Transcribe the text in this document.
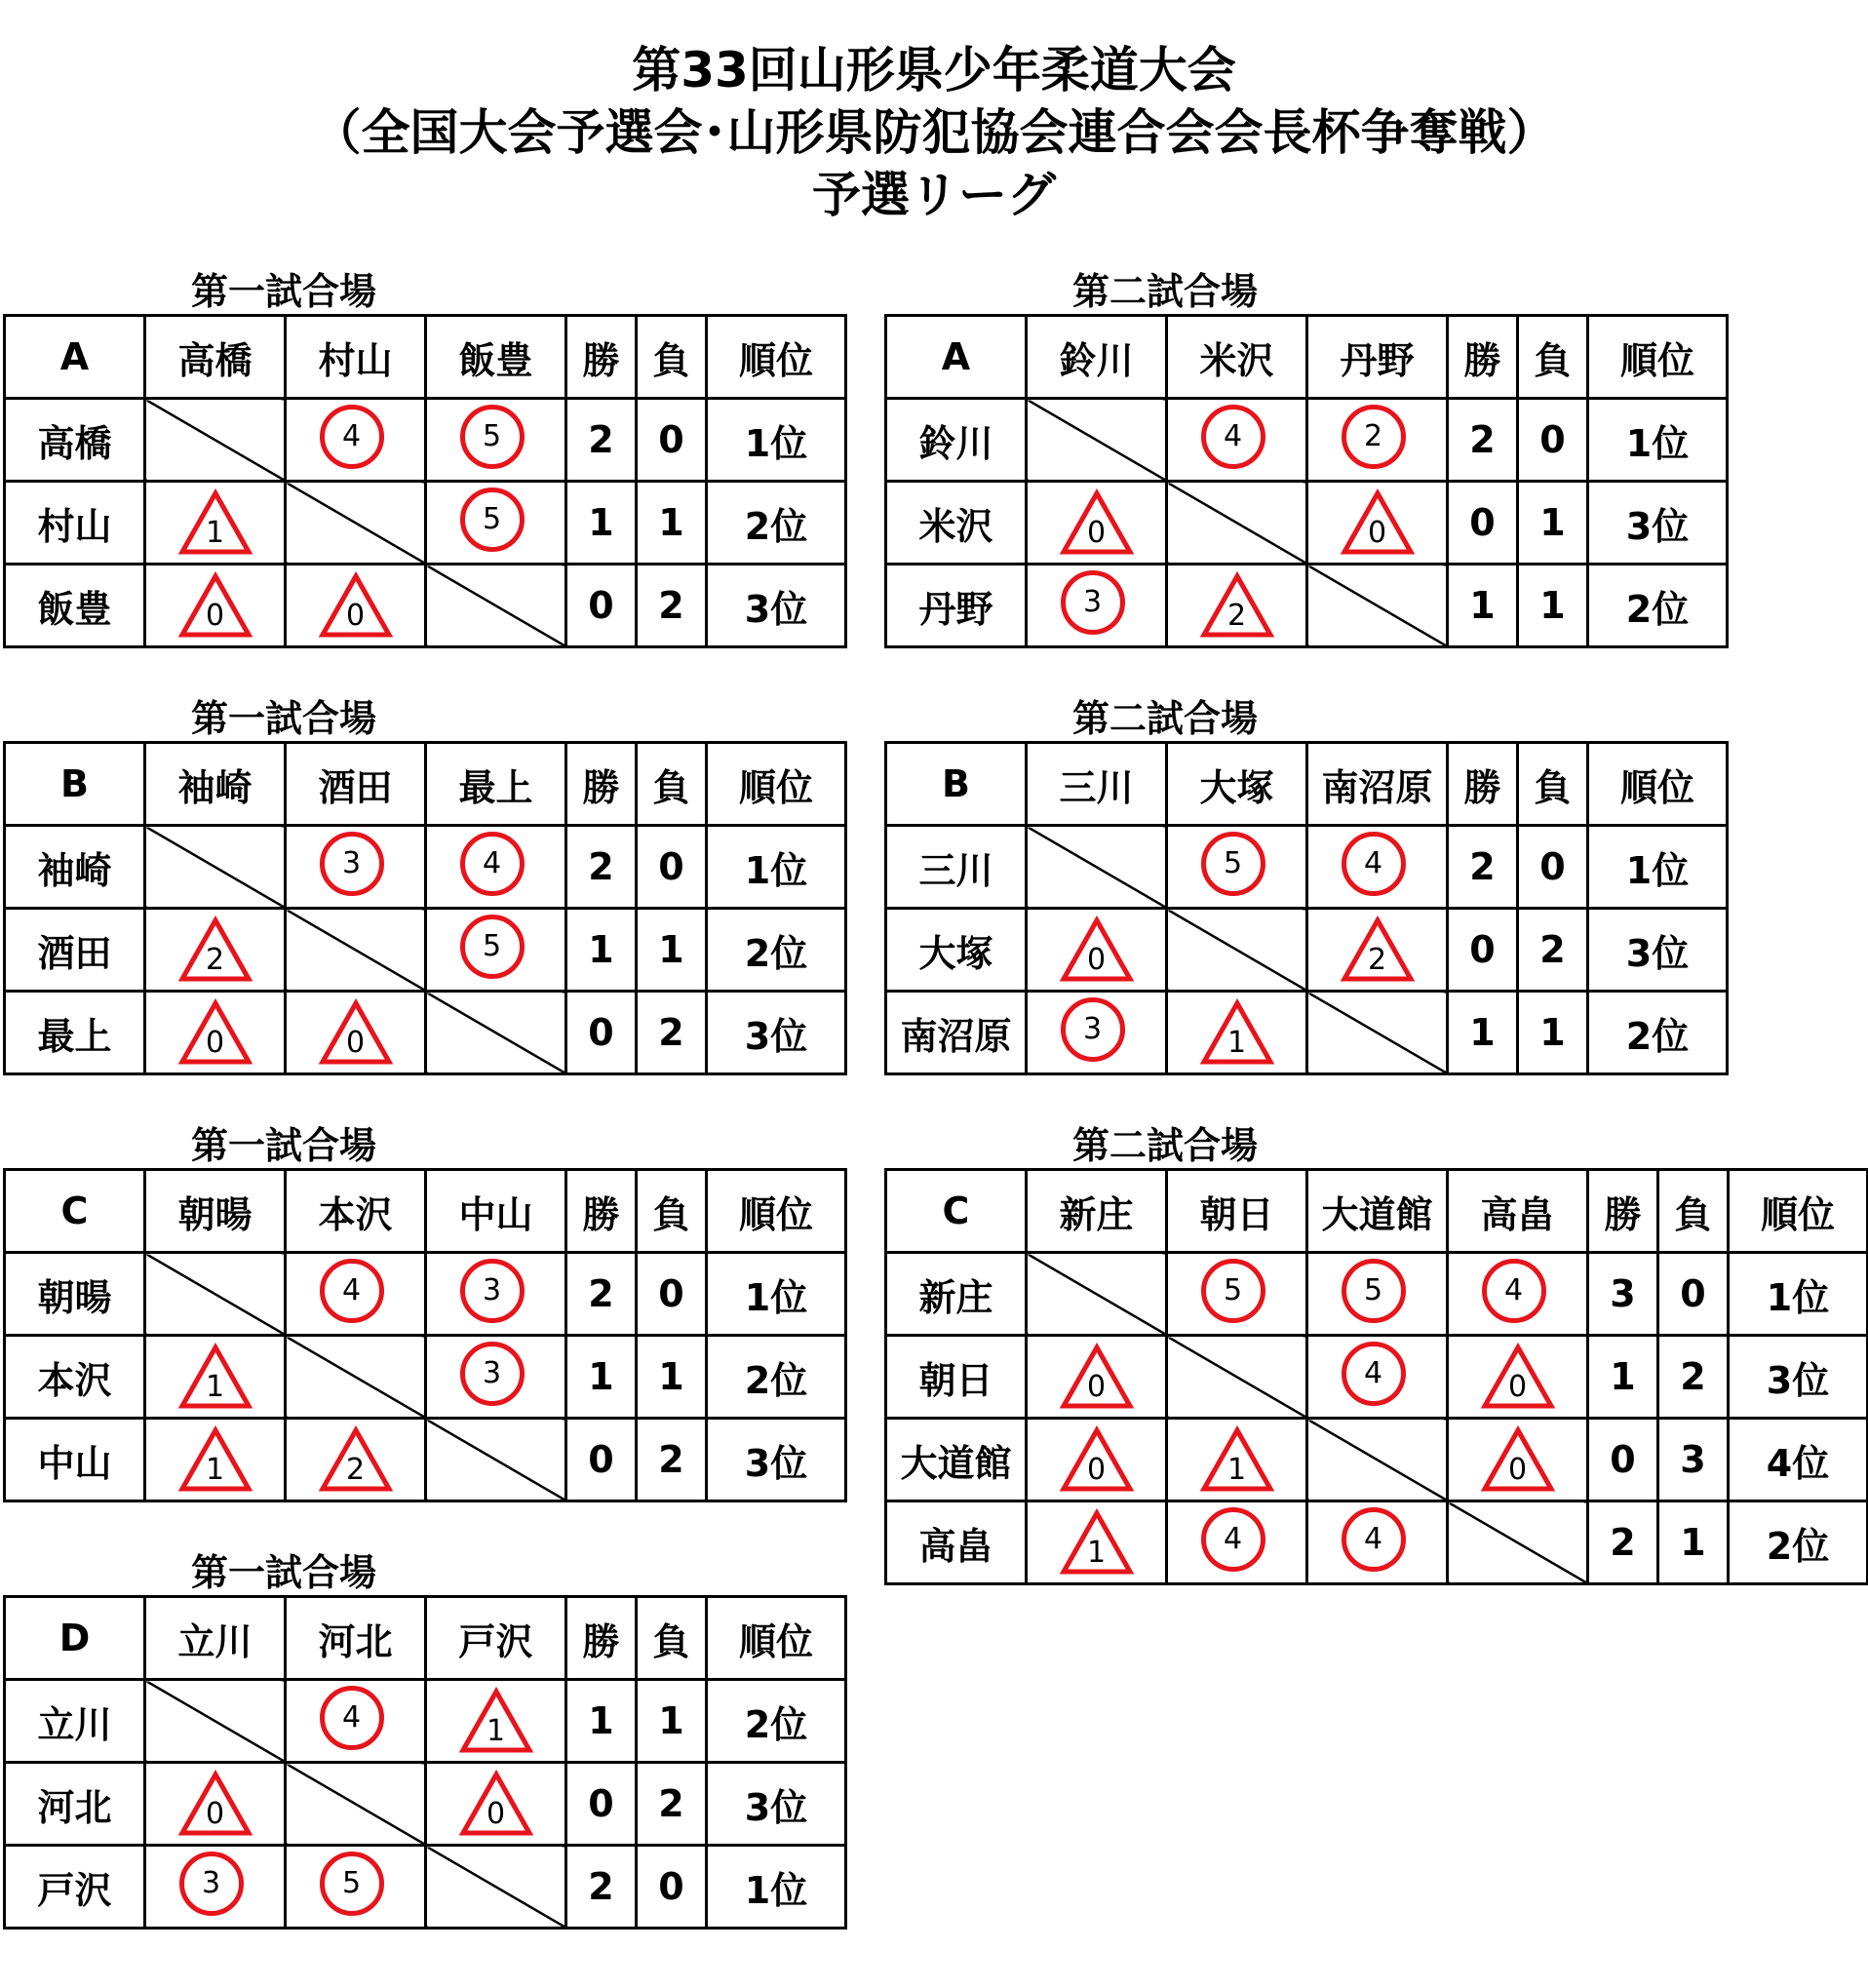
第33回山形県少年柔道大会
（全国大会予選会･山形県防犯協会連合会会長杯争奪戦）
予選リーグ
第一試合場
A	高橋	村山	飯豊	勝	負	順位
高橋		4	5	2	0	1位
村山	1		5	1	1	2位
飯豊	0	0		0	2	3位
第二試合場
A	鈴川	米沢	丹野	勝	負	順位
鈴川		4	2	2	0	1位
米沢	0		0	0	1	3位
丹野	3	2		1	1	2位
第一試合場
B	袖崎	酒田	最上	勝	負	順位
袖崎		3	4	2	0	1位
酒田	2		5	1	1	2位
最上	0	0		0	2	3位
第二試合場
B	三川	大塚	南沼原	勝	負	順位
三川		5	4	2	0	1位
大塚	0		2	0	2	3位
南沼原	3	1		1	1	2位
第一試合場
C	朝暘	本沢	中山	勝	負	順位
朝暘		4	3	2	0	1位
本沢	1		3	1	1	2位
中山	1	2		0	2	3位
第二試合場
C	新庄	朝日	大道館	高畠	勝	負	順位
新庄		5	5	4	3	0	1位
朝日	0		4	0	1	2	3位
大道館	0	1		0	0	3	4位
高畠	1	4	4		2	1	2位
第一試合場
D	立川	河北	戸沢	勝	負	順位
立川		4	1	1	1	2位
河北	0		0	0	2	3位
戸沢	3	5		2	0	1位
